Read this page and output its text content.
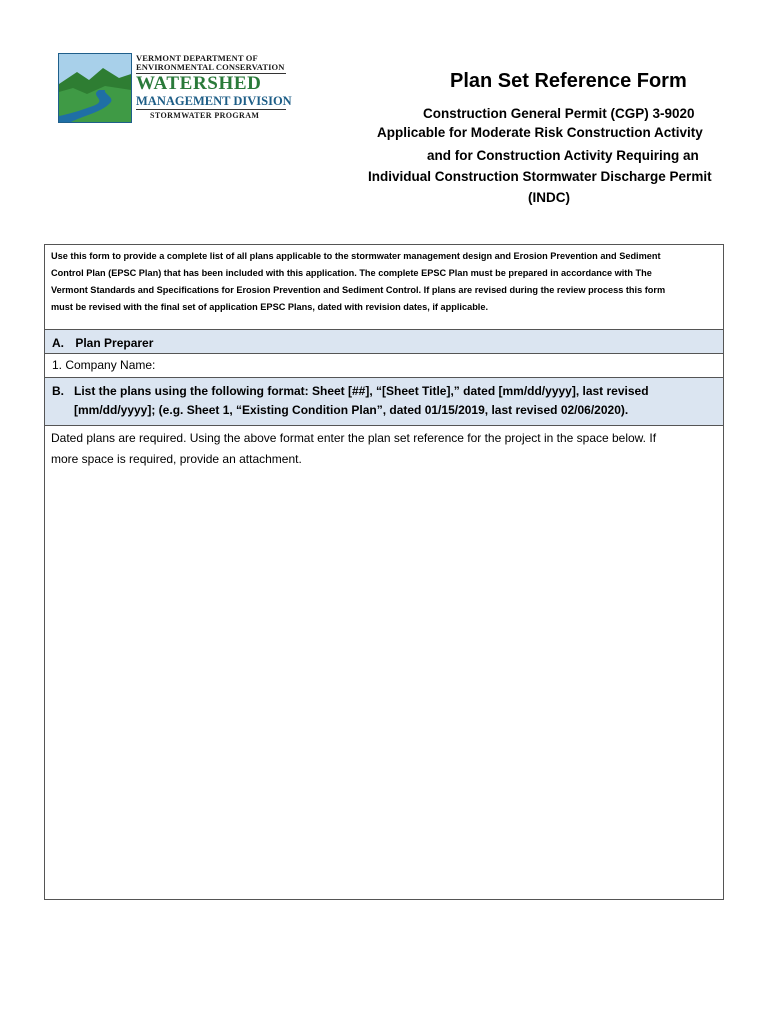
VERMONT DEPARTMENT OF
ENVIRONMENTAL CONSERVATION
WATERSHED
MANAGEMENT DIVISION
STORMWATER PROGRAM
Plan Set Reference Form
Construction General Permit (CGP) 3-9020
Applicable for Moderate Risk Construction Activity
and for Construction Activity Requiring an
Individual Construction Stormwater Discharge Permit
(INDC)
Use this form to provide a complete list of all plans applicable to the stormwater management design and Erosion Prevention and Sediment
Control Plan (EPSC Plan) that has been included with this application. The complete EPSC Plan must be prepared in accordance with The
Vermont Standards and Specifications for Erosion Prevention and Sediment Control. If plans are revised during the review process this form
must be revised with the final set of application EPSC Plans, dated with revision dates, if applicable.
A. Plan Preparer
1. Company Name:
B. List the plans using the following format: Sheet [##], “[Sheet Title],” dated [mm/dd/yyyy], last revised
[mm/dd/yyyy]; (e.g. Sheet 1, “Existing Condition Plan”, dated 01/15/2019, last revised 02/06/2020).
Dated plans are required. Using the above format enter the plan set reference for the project in the space below. If
more space is required, provide an attachment.
